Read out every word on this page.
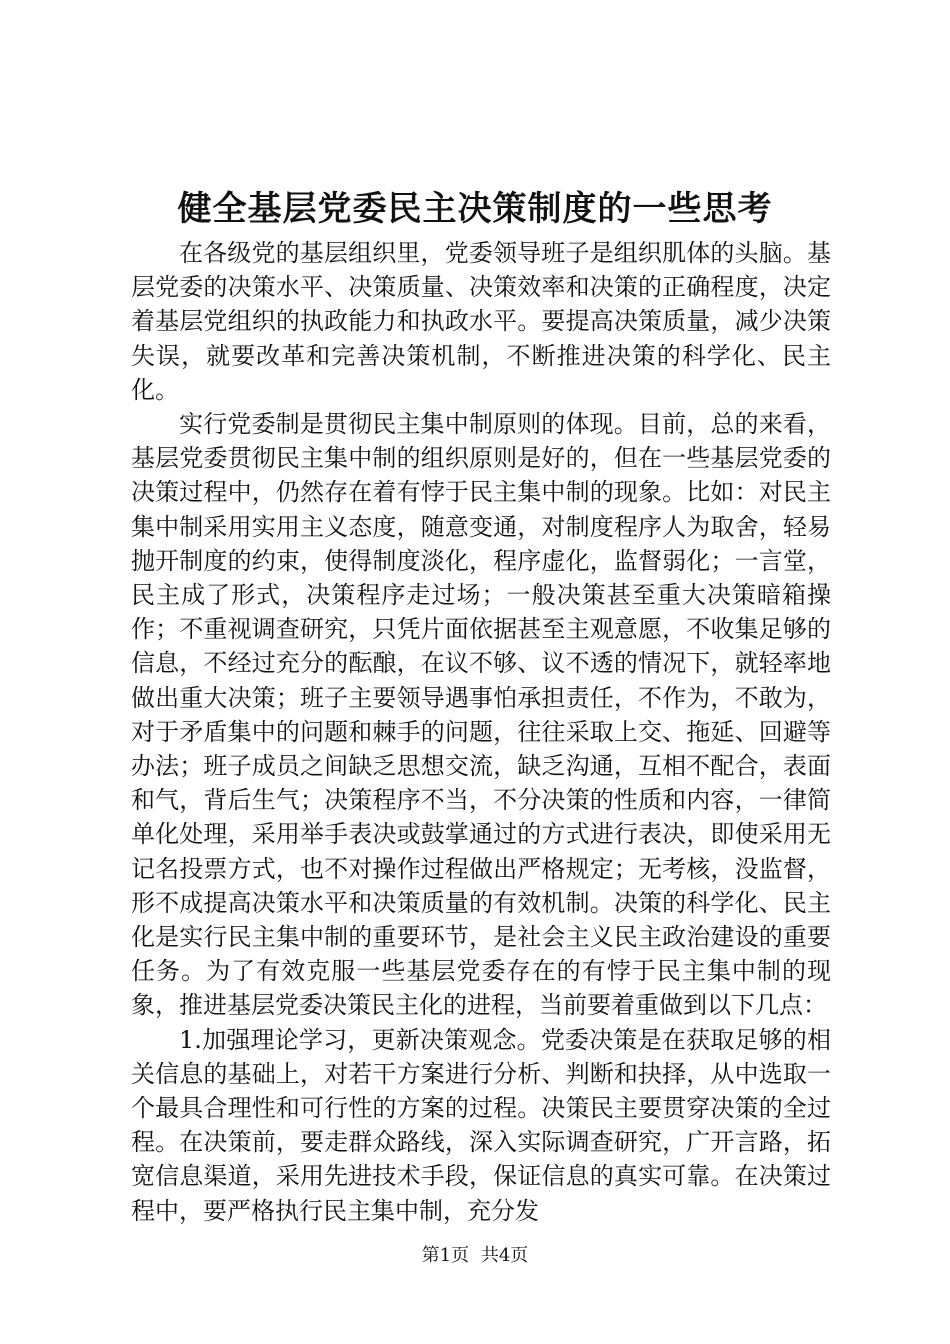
健全基层党委民主决策制度的一些思考

在各级党的基层组织里，党委领导班子是组织肌体的头脑。基层党委的决策水平、决策质量、决策效率和决策的正确程度，决定着基层党组织的执政能力和执政水平。要提高决策质量，减少决策失误，就要改革和完善决策机制，不断推进决策的科学化、民主化。

实行党委制是贯彻民主集中制原则的体现。目前，总的来看，基层党委贯彻民主集中制的组织原则是好的，但在一些基层党委的决策过程中，仍然存在着有悖于民主集中制的现象。比如：对民主集中制采用实用主义态度，随意变通，对制度程序人为取舍，轻易抛开制度的约束，使得制度淡化，程序虚化，监督弱化；一言堂，民主成了形式，决策程序走过场；一般决策甚至重大决策暗箱操作；不重视调查研究，只凭片面依据甚至主观意愿，不收集足够的信息，不经过充分的酝酿，在议不够、议不透的情况下，就轻率地做出重大决策；班子主要领导遇事怕承担责任，不作为，不敢为，对于矛盾集中的问题和棘手的问题，往往采取上交、拖延、回避等办法；班子成员之间缺乏思想交流，缺乏沟通，互相不配合，表面和气，背后生气；决策程序不当，不分决策的性质和内容，一律简单化处理，采用举手表决或鼓掌通过的方式进行表决，即使采用无记名投票方式，也不对操作过程做出严格规定；无考核，没监督，形不成提高决策水平和决策质量的有效机制。决策的科学化、民主化是实行民主集中制的重要环节，是社会主义民主政治建设的重要任务。为了有效克服一些基层党委存在的有悖于民主集中制的现象，推进基层党委决策民主化的进程，当前要着重做到以下几点：

1.加强理论学习，更新决策观念。党委决策是在获取足够的相关信息的基础上，对若干方案进行分析、判断和抉择，从中选取一个最具合理性和可行性的方案的过程。决策民主要贯穿决策的全过程。在决策前，要走群众路线，深入实际调查研究，广开言路，拓宽信息渠道，采用先进技术手段，保证信息的真实可靠。在决策过程中，要严格执行民主集中制，充分发

第1页 共4页
